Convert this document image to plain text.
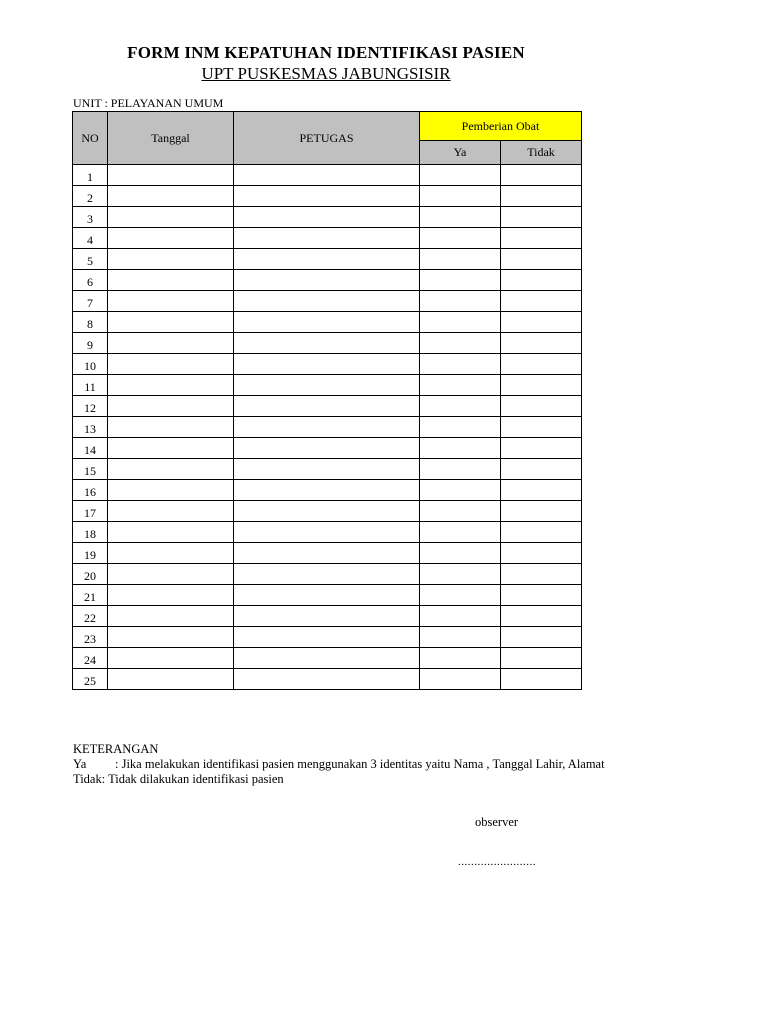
FORM INM KEPATUHAN IDENTIFIKASI PASIEN
UPT PUSKESMAS JABUNGSISIR
UNIT : PELAYANAN UMUM
NO	Tanggal	PETUGAS	Pemberian Obat	
			Ya	Tidak
1				
2				
3				
4				
5				
6				
7				
8				
9				
10				
11				
12				
13				
14				
15				
16				
17				
18				
19				
20				
21				
22				
23				
24				
25				
KETERANGAN
Ya : Jika melakukan identifikasi pasien menggunakan 3 identitas yaitu Nama , Tanggal Lahir, Alamat
Tidak: Tidak dilakukan identifikasi pasien
observer
........................
